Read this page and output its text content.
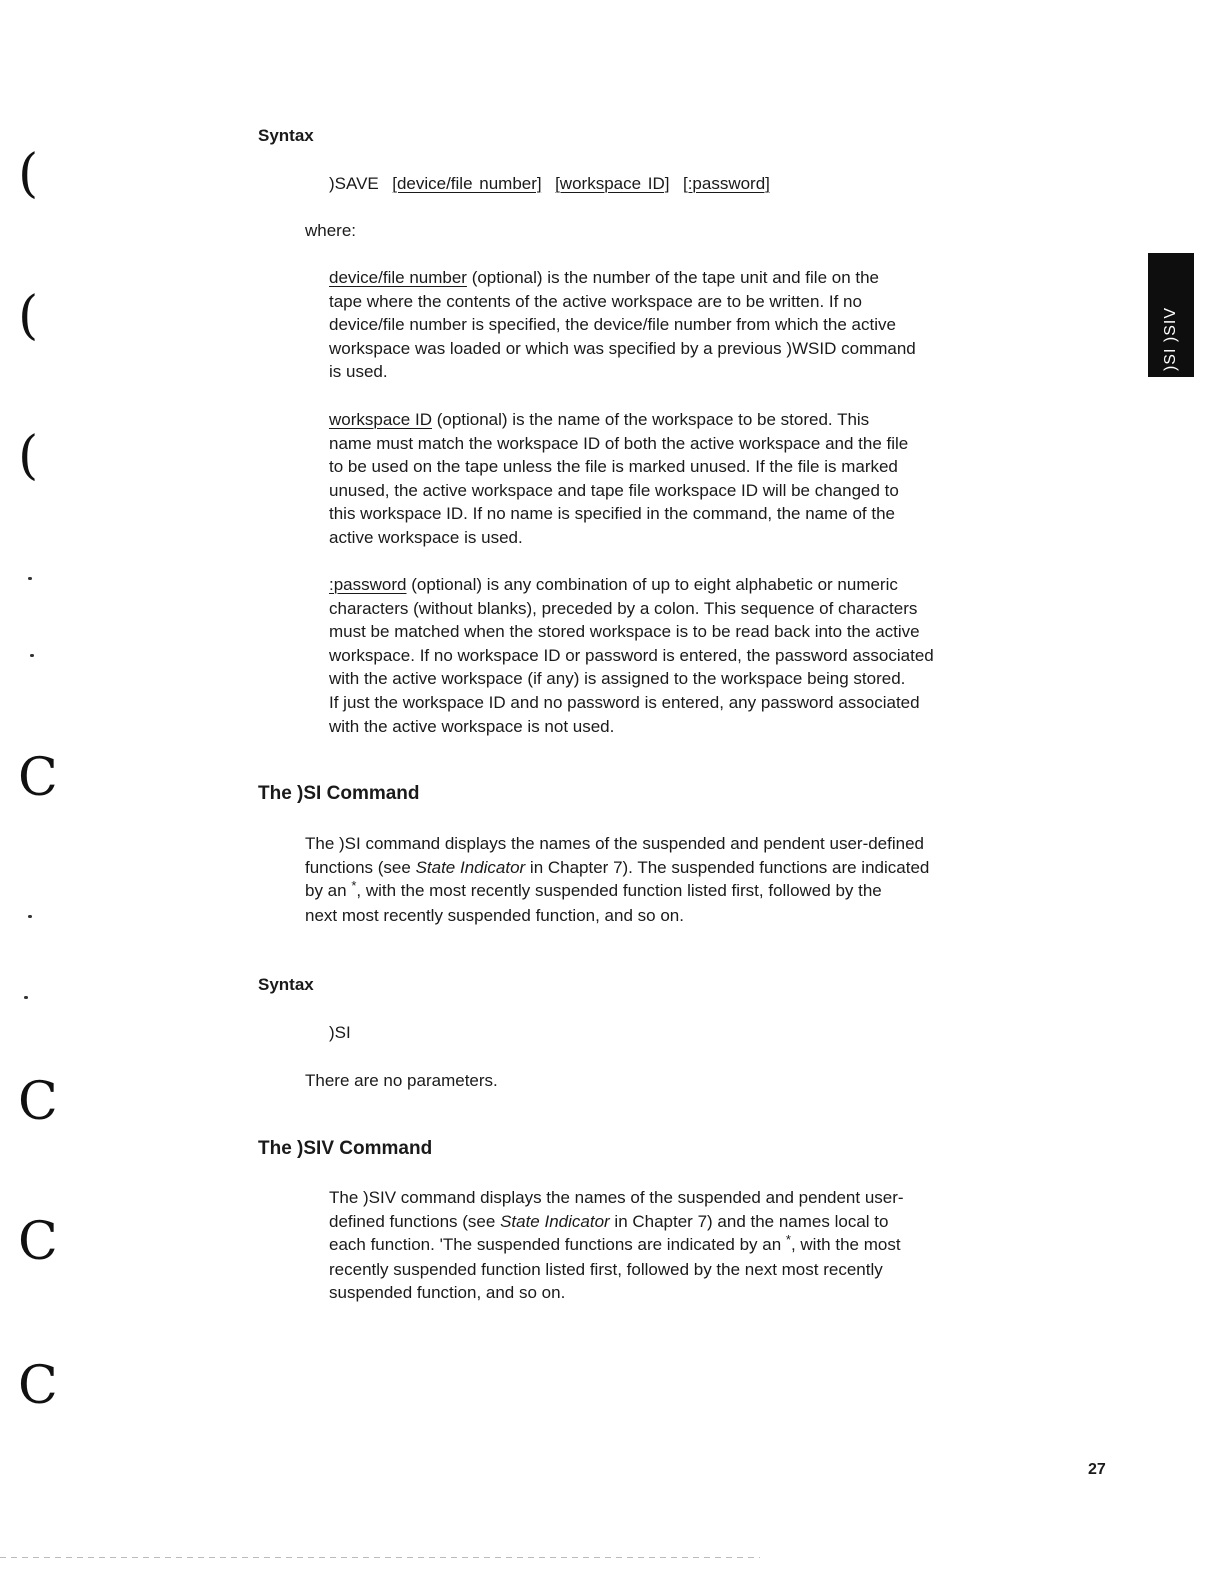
(
(
(
C
C
C
C
)SI )SIV
Syntax
)SAVE [device/file number] [workspace ID] [:password]
where:
device/file number (optional) is the number of the tape unit and file on the
tape where the contents of the active workspace are to be written. If no
device/file number is specified, the device/file number from which the active
workspace was loaded or which was specified by a previous )WSID command
is used.
workspace ID (optional) is the name of the workspace to be stored. This
name must match the workspace ID of both the active workspace and the file
to be used on the tape unless the file is marked unused. If the file is marked
unused, the active workspace and tape file workspace ID will be changed to
this workspace ID. If no name is specified in the command, the name of the
active workspace is used.
:password (optional) is any combination of up to eight alphabetic or numeric
characters (without blanks), preceded by a colon. This sequence of characters
must be matched when the stored workspace is to be read back into the active
workspace. If no workspace ID or password is entered, the password associated
with the active workspace (if any) is assigned to the workspace being stored.
If just the workspace ID and no password is entered, any password associated
with the active workspace is not used.
The )SI Command
The )SI command displays the names of the suspended and pendent user-defined
functions (see State Indicator in Chapter 7). The suspended functions are indicated
by an *, with the most recently suspended function listed first, followed by the
next most recently suspended function, and so on.
Syntax
)SI
There are no parameters.
The )SIV Command
The )SIV command displays the names of the suspended and pendent user-
defined functions (see State Indicator in Chapter 7) and the names local to
each function. 'The suspended functions are indicated by an *, with the most
recently suspended function listed first, followed by the next most recently
suspended function, and so on.
27
